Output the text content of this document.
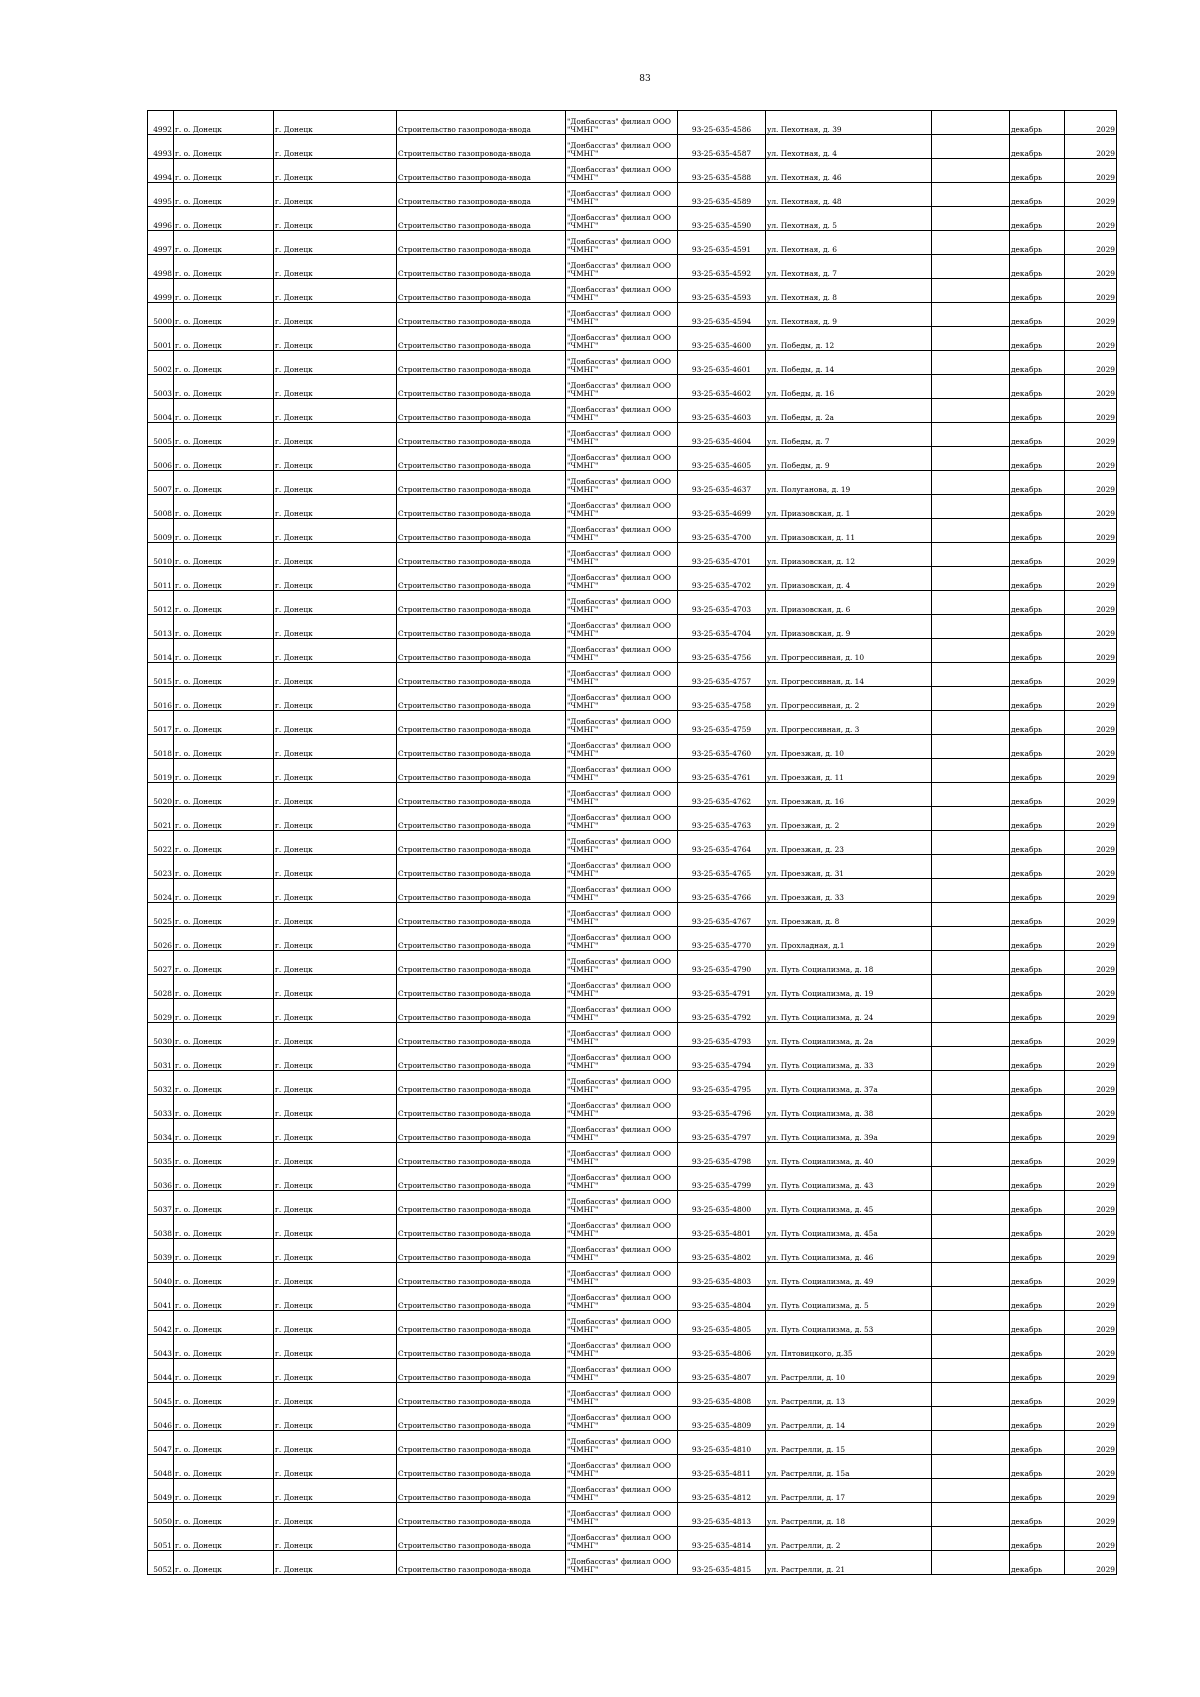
83
4992	г. о. Донецк	г. Донецк	Строительство газопровода-ввода	"Донбассгаз" филиал ООО
"ЧМНГ"	93-25-635-4586	ул. Пехотная, д. 39		декабрь	2029
4993	г. о. Донецк	г. Донецк	Строительство газопровода-ввода	"Донбассгаз" филиал ООО
"ЧМНГ"	93-25-635-4587	ул. Пехотная, д. 4		декабрь	2029
4994	г. о. Донецк	г. Донецк	Строительство газопровода-ввода	"Донбассгаз" филиал ООО
"ЧМНГ"	93-25-635-4588	ул. Пехотная, д. 46		декабрь	2029
4995	г. о. Донецк	г. Донецк	Строительство газопровода-ввода	"Донбассгаз" филиал ООО
"ЧМНГ"	93-25-635-4589	ул. Пехотная, д. 48		декабрь	2029
4996	г. о. Донецк	г. Донецк	Строительство газопровода-ввода	"Донбассгаз" филиал ООО
"ЧМНГ"	93-25-635-4590	ул. Пехотная, д. 5		декабрь	2029
4997	г. о. Донецк	г. Донецк	Строительство газопровода-ввода	"Донбассгаз" филиал ООО
"ЧМНГ"	93-25-635-4591	ул. Пехотная, д. 6		декабрь	2029
4998	г. о. Донецк	г. Донецк	Строительство газопровода-ввода	"Донбассгаз" филиал ООО
"ЧМНГ"	93-25-635-4592	ул. Пехотная, д. 7		декабрь	2029
4999	г. о. Донецк	г. Донецк	Строительство газопровода-ввода	"Донбассгаз" филиал ООО
"ЧМНГ"	93-25-635-4593	ул. Пехотная, д. 8		декабрь	2029
5000	г. о. Донецк	г. Донецк	Строительство газопровода-ввода	"Донбассгаз" филиал ООО
"ЧМНГ"	93-25-635-4594	ул. Пехотная, д. 9		декабрь	2029
5001	г. о. Донецк	г. Донецк	Строительство газопровода-ввода	"Донбассгаз" филиал ООО
"ЧМНГ"	93-25-635-4600	ул. Победы, д. 12		декабрь	2029
5002	г. о. Донецк	г. Донецк	Строительство газопровода-ввода	"Донбассгаз" филиал ООО
"ЧМНГ"	93-25-635-4601	ул. Победы, д. 14		декабрь	2029
5003	г. о. Донецк	г. Донецк	Строительство газопровода-ввода	"Донбассгаз" филиал ООО
"ЧМНГ"	93-25-635-4602	ул. Победы, д. 16		декабрь	2029
5004	г. о. Донецк	г. Донецк	Строительство газопровода-ввода	"Донбассгаз" филиал ООО
"ЧМНГ"	93-25-635-4603	ул. Победы, д. 2а		декабрь	2029
5005	г. о. Донецк	г. Донецк	Строительство газопровода-ввода	"Донбассгаз" филиал ООО
"ЧМНГ"	93-25-635-4604	ул. Победы, д. 7		декабрь	2029
5006	г. о. Донецк	г. Донецк	Строительство газопровода-ввода	"Донбассгаз" филиал ООО
"ЧМНГ"	93-25-635-4605	ул. Победы, д. 9		декабрь	2029
5007	г. о. Донецк	г. Донецк	Строительство газопровода-ввода	"Донбассгаз" филиал ООО
"ЧМНГ"	93-25-635-4637	ул. Полуганова, д. 19		декабрь	2029
5008	г. о. Донецк	г. Донецк	Строительство газопровода-ввода	"Донбассгаз" филиал ООО
"ЧМНГ"	93-25-635-4699	ул. Приазовская, д. 1		декабрь	2029
5009	г. о. Донецк	г. Донецк	Строительство газопровода-ввода	"Донбассгаз" филиал ООО
"ЧМНГ"	93-25-635-4700	ул. Приазовская, д. 11		декабрь	2029
5010	г. о. Донецк	г. Донецк	Строительство газопровода-ввода	"Донбассгаз" филиал ООО
"ЧМНГ"	93-25-635-4701	ул. Приазовская, д. 12		декабрь	2029
5011	г. о. Донецк	г. Донецк	Строительство газопровода-ввода	"Донбассгаз" филиал ООО
"ЧМНГ"	93-25-635-4702	ул. Приазовская, д. 4		декабрь	2029
5012	г. о. Донецк	г. Донецк	Строительство газопровода-ввода	"Донбассгаз" филиал ООО
"ЧМНГ"	93-25-635-4703	ул. Приазовская, д. 6		декабрь	2029
5013	г. о. Донецк	г. Донецк	Строительство газопровода-ввода	"Донбассгаз" филиал ООО
"ЧМНГ"	93-25-635-4704	ул. Приазовская, д. 9		декабрь	2029
5014	г. о. Донецк	г. Донецк	Строительство газопровода-ввода	"Донбассгаз" филиал ООО
"ЧМНГ"	93-25-635-4756	ул. Прогрессивная, д. 10		декабрь	2029
5015	г. о. Донецк	г. Донецк	Строительство газопровода-ввода	"Донбассгаз" филиал ООО
"ЧМНГ"	93-25-635-4757	ул. Прогрессивная, д. 14		декабрь	2029
5016	г. о. Донецк	г. Донецк	Строительство газопровода-ввода	"Донбассгаз" филиал ООО
"ЧМНГ"	93-25-635-4758	ул. Прогрессивная, д. 2		декабрь	2029
5017	г. о. Донецк	г. Донецк	Строительство газопровода-ввода	"Донбассгаз" филиал ООО
"ЧМНГ"	93-25-635-4759	ул. Прогрессивная, д. 3		декабрь	2029
5018	г. о. Донецк	г. Донецк	Строительство газопровода-ввода	"Донбассгаз" филиал ООО
"ЧМНГ"	93-25-635-4760	ул. Проезжая, д. 10		декабрь	2029
5019	г. о. Донецк	г. Донецк	Строительство газопровода-ввода	"Донбассгаз" филиал ООО
"ЧМНГ"	93-25-635-4761	ул. Проезжая, д. 11		декабрь	2029
5020	г. о. Донецк	г. Донецк	Строительство газопровода-ввода	"Донбассгаз" филиал ООО
"ЧМНГ"	93-25-635-4762	ул. Проезжая, д. 16		декабрь	2029
5021	г. о. Донецк	г. Донецк	Строительство газопровода-ввода	"Донбассгаз" филиал ООО
"ЧМНГ"	93-25-635-4763	ул. Проезжая, д. 2		декабрь	2029
5022	г. о. Донецк	г. Донецк	Строительство газопровода-ввода	"Донбассгаз" филиал ООО
"ЧМНГ"	93-25-635-4764	ул. Проезжая, д. 23		декабрь	2029
5023	г. о. Донецк	г. Донецк	Строительство газопровода-ввода	"Донбассгаз" филиал ООО
"ЧМНГ"	93-25-635-4765	ул. Проезжая, д. 31		декабрь	2029
5024	г. о. Донецк	г. Донецк	Строительство газопровода-ввода	"Донбассгаз" филиал ООО
"ЧМНГ"	93-25-635-4766	ул. Проезжая, д. 33		декабрь	2029
5025	г. о. Донецк	г. Донецк	Строительство газопровода-ввода	"Донбассгаз" филиал ООО
"ЧМНГ"	93-25-635-4767	ул. Проезжая, д. 8		декабрь	2029
5026	г. о. Донецк	г. Донецк	Строительство газопровода-ввода	"Донбассгаз" филиал ООО
"ЧМНГ"	93-25-635-4770	ул. Прохладная, д.1		декабрь	2029
5027	г. о. Донецк	г. Донецк	Строительство газопровода-ввода	"Донбассгаз" филиал ООО
"ЧМНГ"	93-25-635-4790	ул. Путь Социализма, д. 18		декабрь	2029
5028	г. о. Донецк	г. Донецк	Строительство газопровода-ввода	"Донбассгаз" филиал ООО
"ЧМНГ"	93-25-635-4791	ул. Путь Социализма, д. 19		декабрь	2029
5029	г. о. Донецк	г. Донецк	Строительство газопровода-ввода	"Донбассгаз" филиал ООО
"ЧМНГ"	93-25-635-4792	ул. Путь Социализма, д. 24		декабрь	2029
5030	г. о. Донецк	г. Донецк	Строительство газопровода-ввода	"Донбассгаз" филиал ООО
"ЧМНГ"	93-25-635-4793	ул. Путь Социализма, д. 2а		декабрь	2029
5031	г. о. Донецк	г. Донецк	Строительство газопровода-ввода	"Донбассгаз" филиал ООО
"ЧМНГ"	93-25-635-4794	ул. Путь Социализма, д. 33		декабрь	2029
5032	г. о. Донецк	г. Донецк	Строительство газопровода-ввода	"Донбассгаз" филиал ООО
"ЧМНГ"	93-25-635-4795	ул. Путь Социализма, д. 37а		декабрь	2029
5033	г. о. Донецк	г. Донецк	Строительство газопровода-ввода	"Донбассгаз" филиал ООО
"ЧМНГ"	93-25-635-4796	ул. Путь Социализма, д. 38		декабрь	2029
5034	г. о. Донецк	г. Донецк	Строительство газопровода-ввода	"Донбассгаз" филиал ООО
"ЧМНГ"	93-25-635-4797	ул. Путь Социализма, д. 39а		декабрь	2029
5035	г. о. Донецк	г. Донецк	Строительство газопровода-ввода	"Донбассгаз" филиал ООО
"ЧМНГ"	93-25-635-4798	ул. Путь Социализма, д. 40		декабрь	2029
5036	г. о. Донецк	г. Донецк	Строительство газопровода-ввода	"Донбассгаз" филиал ООО
"ЧМНГ"	93-25-635-4799	ул. Путь Социализма, д. 43		декабрь	2029
5037	г. о. Донецк	г. Донецк	Строительство газопровода-ввода	"Донбассгаз" филиал ООО
"ЧМНГ"	93-25-635-4800	ул. Путь Социализма, д. 45		декабрь	2029
5038	г. о. Донецк	г. Донецк	Строительство газопровода-ввода	"Донбассгаз" филиал ООО
"ЧМНГ"	93-25-635-4801	ул. Путь Социализма, д. 45а		декабрь	2029
5039	г. о. Донецк	г. Донецк	Строительство газопровода-ввода	"Донбассгаз" филиал ООО
"ЧМНГ"	93-25-635-4802	ул. Путь Социализма, д. 46		декабрь	2029
5040	г. о. Донецк	г. Донецк	Строительство газопровода-ввода	"Донбассгаз" филиал ООО
"ЧМНГ"	93-25-635-4803	ул. Путь Социализма, д. 49		декабрь	2029
5041	г. о. Донецк	г. Донецк	Строительство газопровода-ввода	"Донбассгаз" филиал ООО
"ЧМНГ"	93-25-635-4804	ул. Путь Социализма, д. 5		декабрь	2029
5042	г. о. Донецк	г. Донецк	Строительство газопровода-ввода	"Донбассгаз" филиал ООО
"ЧМНГ"	93-25-635-4805	ул. Путь Социализма, д. 53		декабрь	2029
5043	г. о. Донецк	г. Донецк	Строительство газопровода-ввода	"Донбассгаз" филиал ООО
"ЧМНГ"	93-25-635-4806	ул. Пятовицкого, д.35		декабрь	2029
5044	г. о. Донецк	г. Донецк	Строительство газопровода-ввода	"Донбассгаз" филиал ООО
"ЧМНГ"	93-25-635-4807	ул. Растрелли, д. 10		декабрь	2029
5045	г. о. Донецк	г. Донецк	Строительство газопровода-ввода	"Донбассгаз" филиал ООО
"ЧМНГ"	93-25-635-4808	ул. Растрелли, д. 13		декабрь	2029
5046	г. о. Донецк	г. Донецк	Строительство газопровода-ввода	"Донбассгаз" филиал ООО
"ЧМНГ"	93-25-635-4809	ул. Растрелли, д. 14		декабрь	2029
5047	г. о. Донецк	г. Донецк	Строительство газопровода-ввода	"Донбассгаз" филиал ООО
"ЧМНГ"	93-25-635-4810	ул. Растрелли, д. 15		декабрь	2029
5048	г. о. Донецк	г. Донецк	Строительство газопровода-ввода	"Донбассгаз" филиал ООО
"ЧМНГ"	93-25-635-4811	ул. Растрелли, д. 15а		декабрь	2029
5049	г. о. Донецк	г. Донецк	Строительство газопровода-ввода	"Донбассгаз" филиал ООО
"ЧМНГ"	93-25-635-4812	ул. Растрелли, д. 17		декабрь	2029
5050	г. о. Донецк	г. Донецк	Строительство газопровода-ввода	"Донбассгаз" филиал ООО
"ЧМНГ"	93-25-635-4813	ул. Растрелли, д. 18		декабрь	2029
5051	г. о. Донецк	г. Донецк	Строительство газопровода-ввода	"Донбассгаз" филиал ООО
"ЧМНГ"	93-25-635-4814	ул. Растрелли, д. 2		декабрь	2029
5052	г. о. Донецк	г. Донецк	Строительство газопровода-ввода	"Донбассгаз" филиал ООО
"ЧМНГ"	93-25-635-4815	ул. Растрелли, д. 21		декабрь	2029
